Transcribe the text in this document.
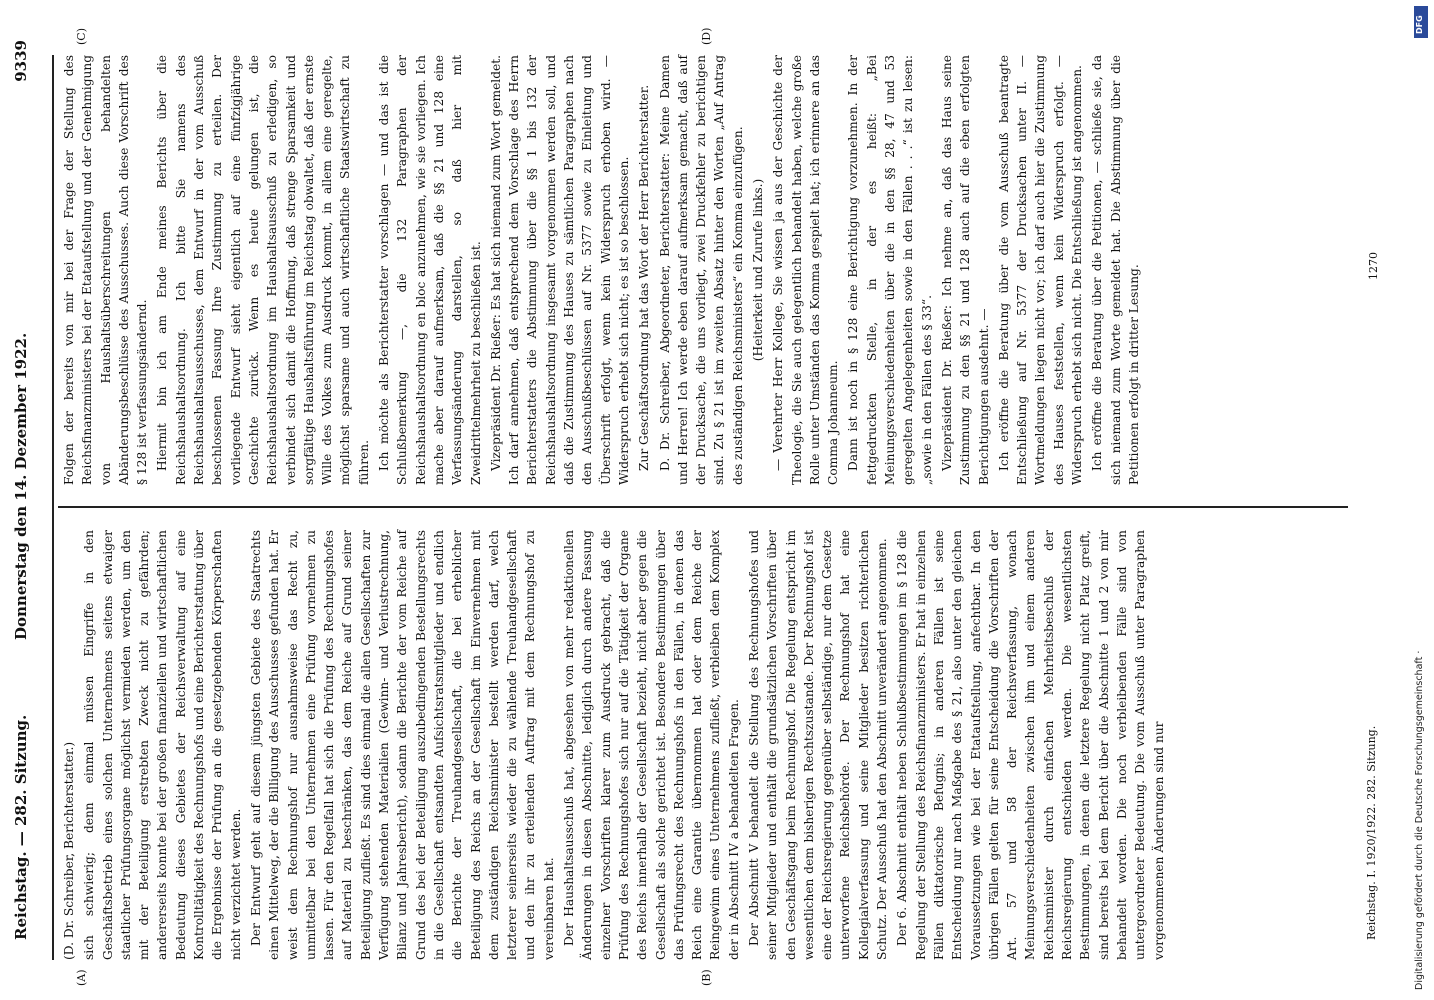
Reichstag. — 282. Sitzung.
Donnerstag den 14. Dezember 1922.
9339
(A)	(B)
(C)	(D)

(D. Dr. Schreiber, Berichterstatter.) sich schwierig; denn einmal müssen Eingriffe in den Geschäftsbetrieb eines solchen Unternehmens seitens etwaiger staatlicher Prüfungsorgane möglichst vermieden werden, um den mit der Beteiligung erstrebten Zweck nicht zu gefährden; andererseits konnte bei der großen finanziellen und wirtschaftlichen Bedeutung dieses Gebietes der Reichsverwaltung auf eine Kontrolltätigkeit des Rechnungshofs und eine Berichterstattung über die Ergebnisse der Prüfung an die gesetzgebenden Körperschaften nicht verzichtet werden. Der Entwurf geht auf diesem jüngsten Gebiete des Staatrechts einen Mittelweg, der die Billigung des Ausschusses gefunden hat. Er weist dem Rechnungshof nur ausnahmsweise das Recht zu, unmittelbar bei den Unternehmen eine Prüfung vornehmen zu lassen. Für den Regelfall hat sich die Prüfung des Rechnungshofes auf Material zu beschränken, das dem Reiche auf Grund seiner Beteiligung zufließt. Es sind dies einmal die allen Gesellschaften zur Verfügung stehenden Materialien (Gewinn- und Verlustrechnung, Bilanz und Jahresbericht), sodann die Berichte der vom Reiche auf Grund des bei der Beteiligung auszubedingenden Bestellungsrechts in die Gesellschaft entsandten Aufsichtsratsmitglieder und endlich die Berichte der Treuhandgesellschaft, die bei erheblicher Beteiligung des Reichs an der Gesellschaft im Einvernehmen mit dem zuständigen Reichsminister bestellt werden darf, welch letzterer seinerseits wieder die zu wählende Treuhandgesellschaft und den ihr zu erteilenden Auftrag mit dem Rechnungshof zu vereinbaren hat. Der Haushaltsausschuß hat, abgesehen von mehr redaktionellen Änderungen in diesen Abschnitte, lediglich durch andere Fassung einzelner Vorschriften klarer zum Ausdruck gebracht, daß die Prüfung des Rechnungshofes sich nur auf die Tätigkeit der Organe des Reichs innerhalb der Gesellschaft bezieht, nicht aber gegen die Gesellschaft als solche gerichtet ist. Besondere Bestimmungen über das Prüfungsrecht des Rechnungshofs in den Fällen, in denen das Reich eine Garantie übernommen hat oder dem Reiche der Reingewinn eines Unternehmens zufließt, verbleiben dem Komplex der in Abschnitt IV a behandelten Fragen. Der Abschnitt V behandelt die Stellung des Rechnungshofes und seiner Mitglieder und enthält die grundsätzlichen Vorschriften über den Geschäftsgang beim Rechnungshof. Die Regelung entspricht im wesentlichen dem bisherigen Rechtszustande. Der Rechnungshof ist eine der Reichsregierung gegenüber selbständige, nur dem Gesetze unterworfene Reichsbehörde. Der Rechnungshof hat eine Kollegialverfassung und seine Mitglieder besitzen richterlichen Schutz. Der Ausschuß hat den Abschnitt unverändert angenommen. Der 6. Abschnitt enthält neben Schlußbestimmungen im § 128 die Regelung der Stellung des Reichsfinanzministers. Er hat in einzelnen Fällen diktatorische Befugnis; in anderen Fällen ist seine Entscheidung nur nach Maßgabe des § 21, also unter den gleichen Voraussetzungen wie bei der Etataufstellung, anfechtbar. In den übrigen Fällen gelten für seine Entscheidung die Vorschriften der Art. 57 und 58 der Reichsverfassung, wonach Meinungsverschiedenheiten zwischen ihm und einem anderen Reichsminister durch einfachen Mehrheitsbeschluß der Reichsregierung entschieden werden. Die wesentlichsten Bestimmungen, in denen die letztere Regelung nicht Platz greift, sind bereits bei dem Bericht über die Abschnitte 1 und 2 von mir behandelt worden. Die noch verbleibenden Fälle sind von untergeordneter Bedeutung. Die vom Ausschuß unter Paragraphen vorgenommenen Änderungen sind nur

Folgen der bereits von mir bei der Frage der Stellung des Reichsfinanzministers bei der Etataufstellung und der Genehmigung von Haushaltsüberschreitungen behandelten Abänderungsbeschlüsse des Ausschusses. Auch diese Vorschrift des § 128 ist verfassungsändernd. Hiermit bin ich am Ende meines Berichts über die Reichshaushaltsordnung. Ich bitte Sie namens des Reichshaushaltsausschusses, dem Entwurf in der vom Ausschuß beschlossenen Fassung Ihre Zustimmung zu erteilen. Der vorliegende Entwurf sieht eigentlich auf eine fünfzigjährige Geschichte zurück. Wenn es heute gelungen ist, die Reichshaushaltsordnung im Haushaltsausschuß zu erledigen, so verbindet sich damit die Hoffnung, daß strenge Sparsamkeit und sorgfältige Haushaltsführung im Reichstag obwaltet, daß der ernste Wille des Volkes zum Ausdruck kommt, in allem eine geregelte, möglichst sparsame und auch wirtschaftliche Staatswirtschaft zu führen. Ich möchte als Berichterstatter vorschlagen — und das ist die Schlußbemerkung —, die 132 Paragraphen der Reichshaushaltsordnung en bloc anzunehmen, wie sie vorliegen. Ich mache aber darauf aufmerksam, daß die §§ 21 und 128 eine Verfassungsänderung darstellen, so daß hier mit Zweidrittelmehrheit zu beschließen ist. Vizepräsident Dr. Rießer: Es hat sich niemand zum Wort gemeldet. Ich darf annehmen, daß entsprechend dem Vorschlage des Herrn Berichterstatters die Abstimmung über die §§ 1 bis 132 der Reichshaushaltsordnung insgesamt vorgenommen werden soll, und daß die Zustimmung des Hauses zu sämtlichen Paragraphen nach den Ausschußbeschlüssen auf Nr. 5377 sowie zu Einleitung und Überschrift erfolgt, wenn kein Widerspruch erhoben wird. — Widerspruch erhebt sich nicht; es ist so beschlossen. Zur Geschäftsordnung hat das Wort der Herr Berichterstatter. D. Dr. Schreiber, Abgeordneter, Berichterstatter: Meine Damen und Herren! Ich werde eben darauf aufmerksam gemacht, daß auf der Drucksache, die uns vorliegt, zwei Druckfehler zu berichtigen sind. Zu § 21 ist im zweiten Absatz hinter den Worten „Auf Antrag des zuständigen Reichsministers“ ein Komma einzufügen. (Heiterkeit und Zurufe links.) — Verehrter Herr Kollege, Sie wissen ja aus der Geschichte der Theologie, die Sie auch gelegentlich behandelt haben, welche große Rolle unter Umständen das Komma gespielt hat; ich erinnere an das Comma Johanneum. Dann ist noch in § 128 eine Berichtigung vorzunehmen. In der fettgedruckten Stelle, in der es heißt: „Bei Meinungsverschiedenheiten über die in den §§ 28, 47 und 53 geregelten Angelegenheiten sowie in den Fällen . . .“ ist zu lesen: „sowie in den Fällen des § 33“. Vizepräsident Dr. Rießer: Ich nehme an, daß das Haus seine Zustimmung zu den §§ 21 und 128 auch auf die eben erfolgten Berichtigungen ausdehnt. — Ich eröffne die Beratung über die vom Ausschuß beantragte Entschließung auf Nr. 5377 der Drucksachen unter II. — Wortmeldungen liegen nicht vor; ich darf auch hier die Zustimmung des Hauses feststellen, wenn kein Widerspruch erfolgt. — Widerspruch erhebt sich nicht. Die Entschließung ist angenommen. Ich eröffne die Beratung über die Petitionen, — schließe sie, da sich niemand zum Worte gemeldet hat. Die Abstimmung über die Petitionen erfolgt in dritter Lesung.

Reichstag. I. 1920/1922. 282. Sitzung.
1270
DFG
Digitalisierung gefördert durch die Deutsche Forschungsgemeinschaft ·
